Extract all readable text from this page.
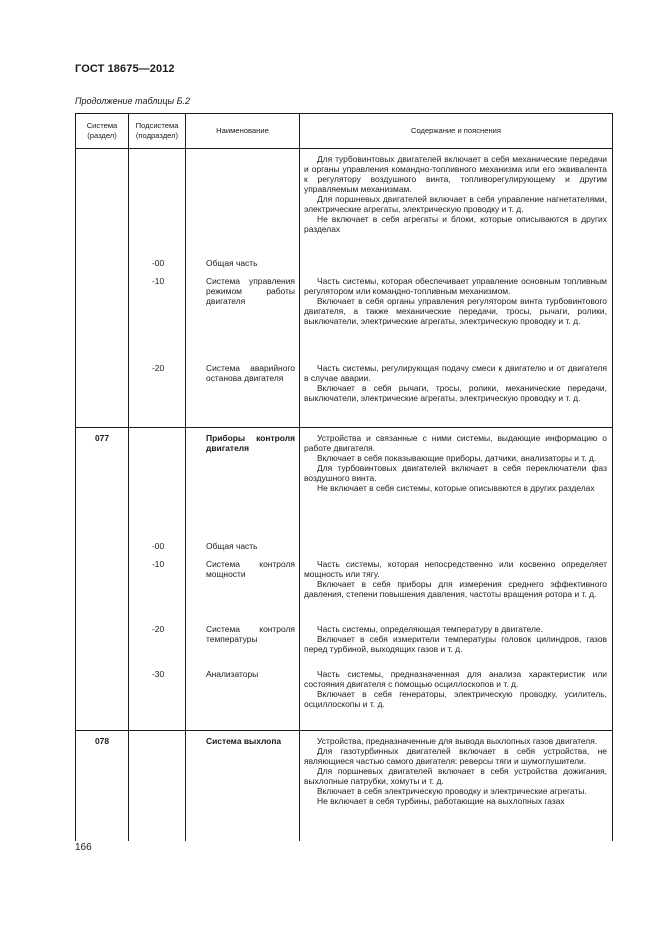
ГОСТ 18675—2012
Продолжение таблицы Б.2
Система (раздел)	Подсистема (подраздел)	Наименование	Содержание и пояснения

			Для турбовинтовых двигателей включает в себя механические передачи и органы управления командно-топливного механизма или его эквивалента к регулятору воздушного винта, топливорегулирующему и другим управляемым механизмам.
Для поршневых двигателей включает в себя управление нагнетателями, электрические агрегаты, электрическую проводку и т. д.
Не включает в себя агрегаты и блоки, которые описываются в других разделах

	-00	Общая часть	
	-10	Система управления режимом работы двигателя	Часть системы, которая обеспечивает управление основным топливным регулятором или командно-топливным механизмом.
Включает в себя органы управления регулятором винта турбовинтового двигателя, а также механические передачи, тросы, рычаги, ролики, выключатели, электрические агрегаты, электрическую проводку и т. д.

	-20	Система аварийного останова двигателя	Часть системы, регулирующая подачу смеси к двигателю и от двигателя в случае аварии.
Включает в себя рычаги, тросы, ролики, механические передачи, выключатели, электрические агрегаты, электрическую проводку и т. д.

077		Приборы контроля двигателя	Устройства и связанные с ними системы, выдающие информацию о работе двигателя.
Включает в себя показывающие приборы, датчики, анализаторы и т. д.
Для турбовинтовых двигателей включает в себя переключатели фаз воздушного винта.
Не включает в себя системы, которые описываются в других разделах

	-00	Общая часть	
	-10	Система контроля мощности	Часть системы, которая непосредственно или косвенно определяет мощность или тягу.
Включает в себя приборы для измерения среднего эффективного давления, степени повышения давления, частоты вращения ротора и т. д.

	-20	Система контроля температуры	Часть системы, определяющая температуру в двигателе.
Включает в себя измерители температуры головок цилиндров, газов перед турбиной, выходящих газов и т. д.

	-30	Анализаторы	Часть системы, предназначенная для анализа характеристик или состояния двигателя с помощью осциллоскопов и т. д.
Включает в себя генераторы, электрическую проводку, усилитель, осциллоскопы и т. д.

078		Система выхлопа	Устройства, предназначенные для вывода выхлопных газов двигателя.
Для газотурбинных двигателей включает в себя устройства, не являющиеся частью самого двигателя: реверсы тяги и шумоглушители.
Для поршневых двигателей включает в себя устройства дожигания, выхлопные патрубки, хомуты и т. д.
Включает в себя электрическую проводку и электрические агрегаты.
Не включает в себя турбины, работающие на выхлопных газах
166
